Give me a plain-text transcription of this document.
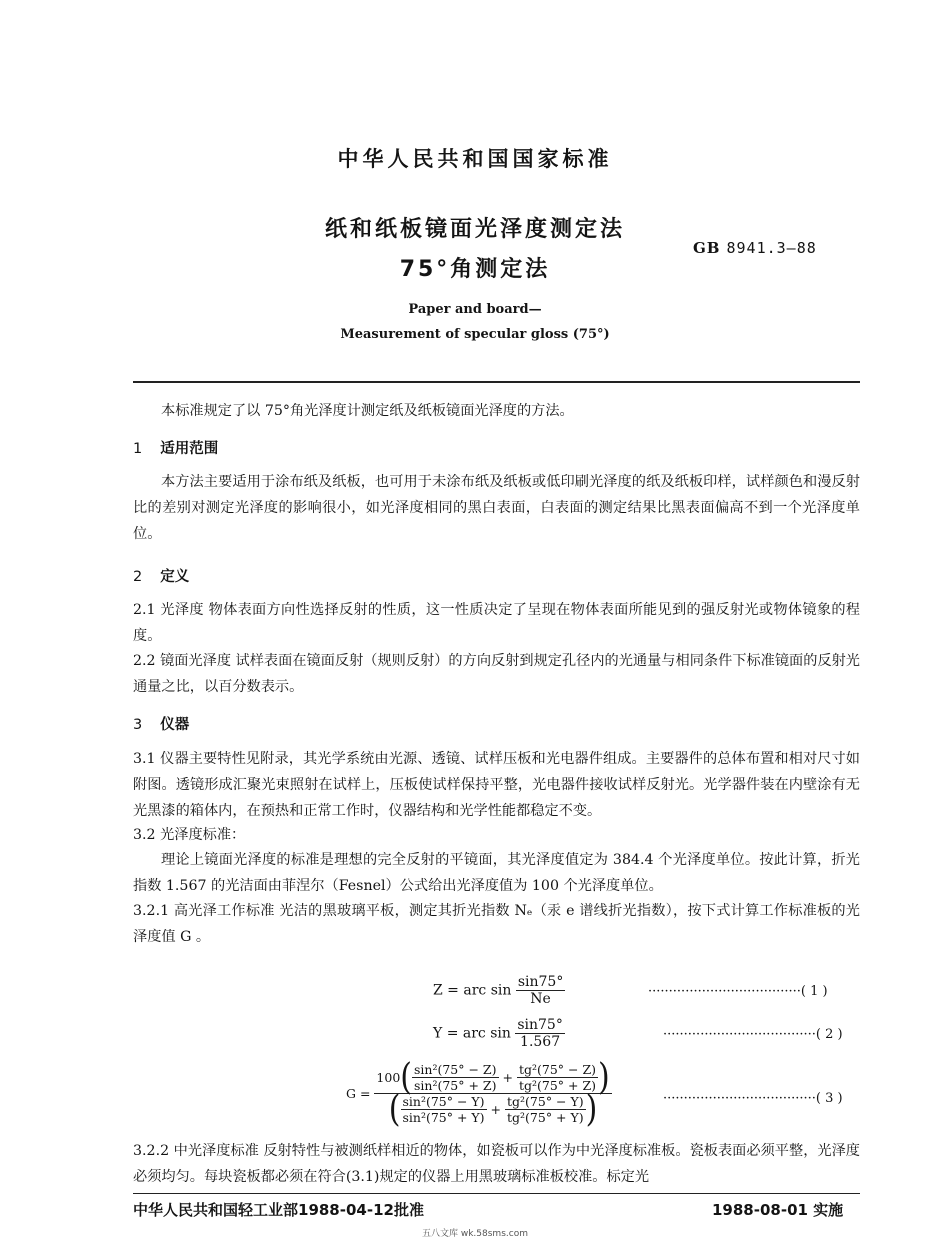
中华人民共和国国家标准
纸和纸板镜面光泽度测定法
75°角测定法
GB 8941.3—88
Paper and board—
Measurement of specular gloss (75°)
本标准规定了以 75°角光泽度计测定纸及纸板镜面光泽度的方法。
1 适用范围
本方法主要适用于涂布纸及纸板，也可用于未涂布纸及纸板或低印刷光泽度的纸及纸板印样，试样颜色和漫反射比的差别对测定光泽度的影响很小，如光泽度相同的黑白表面，白表面的测定结果比黑表面偏高不到一个光泽度单位。
2 定义
2.1 光泽度 物体表面方向性选择反射的性质，这一性质决定了呈现在物体表面所能见到的强反射光或物体镜象的程度。
2.2 镜面光泽度 试样表面在镜面反射（规则反射）的方向反射到规定孔径内的光通量与相同条件下标准镜面的反射光通量之比，以百分数表示。
3 仪器
3.1 仪器主要特性见附录，其光学系统由光源、透镜、试样压板和光电器件组成。主要器件的总体布置和相对尺寸如附图。透镜形成汇聚光束照射在试样上，压板使试样保持平整，光电器件接收试样反射光。光学器件装在内壁涂有无光黑漆的箱体内，在预热和正常工作时，仪器结构和光学性能都稳定不变。
3.2 光泽度标准：
理论上镜面光泽度的标准是理想的完全反射的平镜面，其光泽度值定为 384.4 个光泽度单位。按此计算，折光指数 1.567 的光洁面由菲涅尔（Fesnel）公式给出光泽度值为 100 个光泽度单位。
3.2.1 高光泽工作标准 光洁的黑玻璃平板，测定其折光指数 Nₑ（汞 e 谱线折光指数），按下式计算工作标准板的光泽度值 G 。
Z = arc $\sin \frac{\sin 75^\circ}{Ne}$	·····································( 1 )
Y = arc $\sin \frac{\sin 75^\circ}{1.567}$	·····································( 2 )
G =
$100( \frac{\text{sin²(75° − Z)}}{\text{sin²(75° + Z)}} + \frac{\text{tg²(75° − Z)}}{\text{tg²(75° + Z)}}$ )
( $\frac{\text{sin²(75° − Y)}}{\text{sin²(75° + Y)}} + \frac{\text{tg²(75° − Y)}}{\text{tg²(75° + Y)}}$ )	·····································( 3 )
3.2.2 中光泽度标准 反射特性与被测纸样相近的物体，如瓷板可以作为中光泽度标准板。瓷板表面必须平整，光泽度必须均匀。每块瓷板都必须在符合(3.1)规定的仪器上用黑玻璃标准板校准。标定光
中华人民共和国轻工业部1988-04-12批准	1988-08-01 实施
五八文库 wk.58sms.com
